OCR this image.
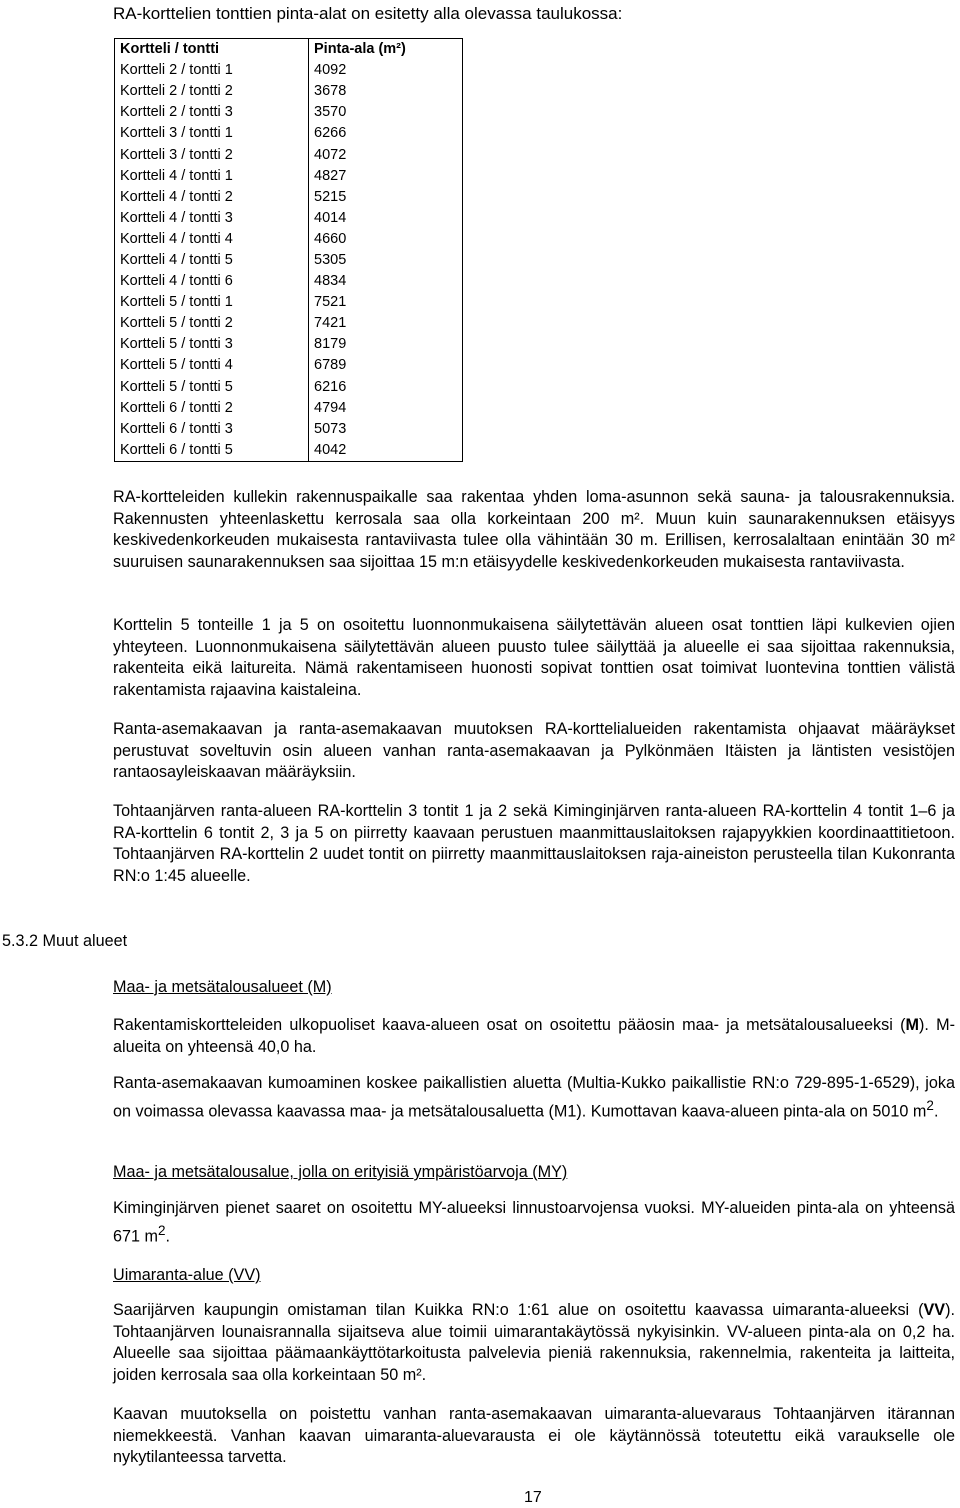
RA-korttelien tonttien pinta-alat on esitetty alla olevassa taulukossa:
Kortteli / tontti	Pinta-ala (m²)
Kortteli 2 / tontti 1	4092
Kortteli 2 / tontti 2	3678
Kortteli 2 / tontti 3	3570
Kortteli 3 / tontti 1	6266
Kortteli 3 / tontti 2	4072
Kortteli 4 / tontti 1	4827
Kortteli 4 / tontti 2	5215
Kortteli 4 / tontti 3	4014
Kortteli 4 / tontti 4	4660
Kortteli 4 / tontti 5	5305
Kortteli 4 / tontti 6	4834
Kortteli 5 / tontti 1	7521
Kortteli 5 / tontti 2	7421
Kortteli 5 / tontti 3	8179
Kortteli 5 / tontti 4	6789
Kortteli 5 / tontti 5	6216
Kortteli 6 / tontti 2	4794
Kortteli 6 / tontti 3	5073
Kortteli 6 / tontti 5	4042

RA-kortteleiden kullekin rakennuspaikalle saa rakentaa yhden loma-asunnon sekä sauna- ja talousrakennuksia. Rakennusten yhteenlaskettu kerrosala saa olla korkeintaan 200 m². Muun kuin saunarakennuksen etäisyys keskivedenkorkeuden mukaisesta rantaviivasta tulee olla vähintään 30 m. Erillisen, kerrosalaltaan enintään 30 m² suuruisen saunarakennuksen saa sijoittaa 15 m:n etäisyydelle keskivedenkorkeuden mukaisesta rantaviivasta.

Korttelin 5 tonteille 1 ja 5 on osoitettu luonnonmukaisena säilytettävän alueen osat tonttien läpi kulkevien ojien yhteyteen. Luonnonmukaisena säilytettävän alueen puusto tulee säilyttää ja alueelle ei saa sijoittaa rakennuksia, rakenteita eikä laitureita. Nämä rakentamiseen huonosti sopivat tonttien osat toimivat luontevina tonttien välistä rakentamista rajaavina kaistaleina.

Ranta-asemakaavan ja ranta-asemakaavan muutoksen RA-korttelialueiden rakentamista ohjaavat määräykset perustuvat soveltuvin osin alueen vanhan ranta-asemakaavan ja Pylkönmäen Itäisten ja läntisten vesistöjen rantaosayleiskaavan määräyksiin.

Tohtaanjärven ranta-alueen RA-korttelin 3 tontit 1 ja 2 sekä Kiminginjärven ranta-alueen RA-korttelin 4 tontit 1–6 ja RA-korttelin 6 tontit 2, 3 ja 5 on piirretty kaavaan perustuen maanmittauslaitoksen rajapyykkien koordinaattitietoon. Tohtaanjärven RA-korttelin 2 uudet tontit on piirretty maanmittauslaitoksen raja-aineiston perusteella tilan Kukonranta RN:o 1:45 alueelle.

5.3.2 Muut alueet

Maa- ja metsätalousalueet (M)

Rakentamiskortteleiden ulkopuoliset kaava-alueen osat on osoitettu pääosin maa- ja metsätalousalueeksi (M). M-alueita on yhteensä 40,0 ha.

Ranta-asemakaavan kumoaminen koskee paikallistien aluetta (Multia-Kukko paikallistie RN:o 729-895-1-6529), joka on voimassa olevassa kaavassa maa- ja metsätalousaluetta (M1). Kumottavan kaava-alueen pinta-ala on 5010 $m^2$.

Maa- ja metsätalousalue, jolla on erityisiä ympäristöarvoja (MY)

Kiminginjärven pienet saaret on osoitettu MY-alueeksi linnustoarvojensa vuoksi. MY-alueiden pinta-ala on yhteensä 671 $m^2$.

Uimaranta-alue (VV)

Saarijärven kaupungin omistaman tilan Kuikka RN:o 1:61 alue on osoitettu kaavassa uimaranta-alueeksi (VV). Tohtaanjärven lounaisrannalla sijaitseva alue toimii uimarantakäytössä nykyisinkin. VV-alueen pinta-ala on 0,2 ha. Alueelle saa sijoittaa päämaankäyttötarkoitusta palvelevia pieniä rakennuksia, rakennelmia, rakenteita ja laitteita, joiden kerrosala saa olla korkeintaan 50 m².

Kaavan muutoksella on poistettu vanhan ranta-asemakaavan uimaranta-aluevaraus Tohtaanjärven itärannan niemekkeestä. Vanhan kaavan uimaranta-aluevarausta ei ole käytännössä toteutettu eikä varaukselle ole nykytilanteessa tarvetta.

17
